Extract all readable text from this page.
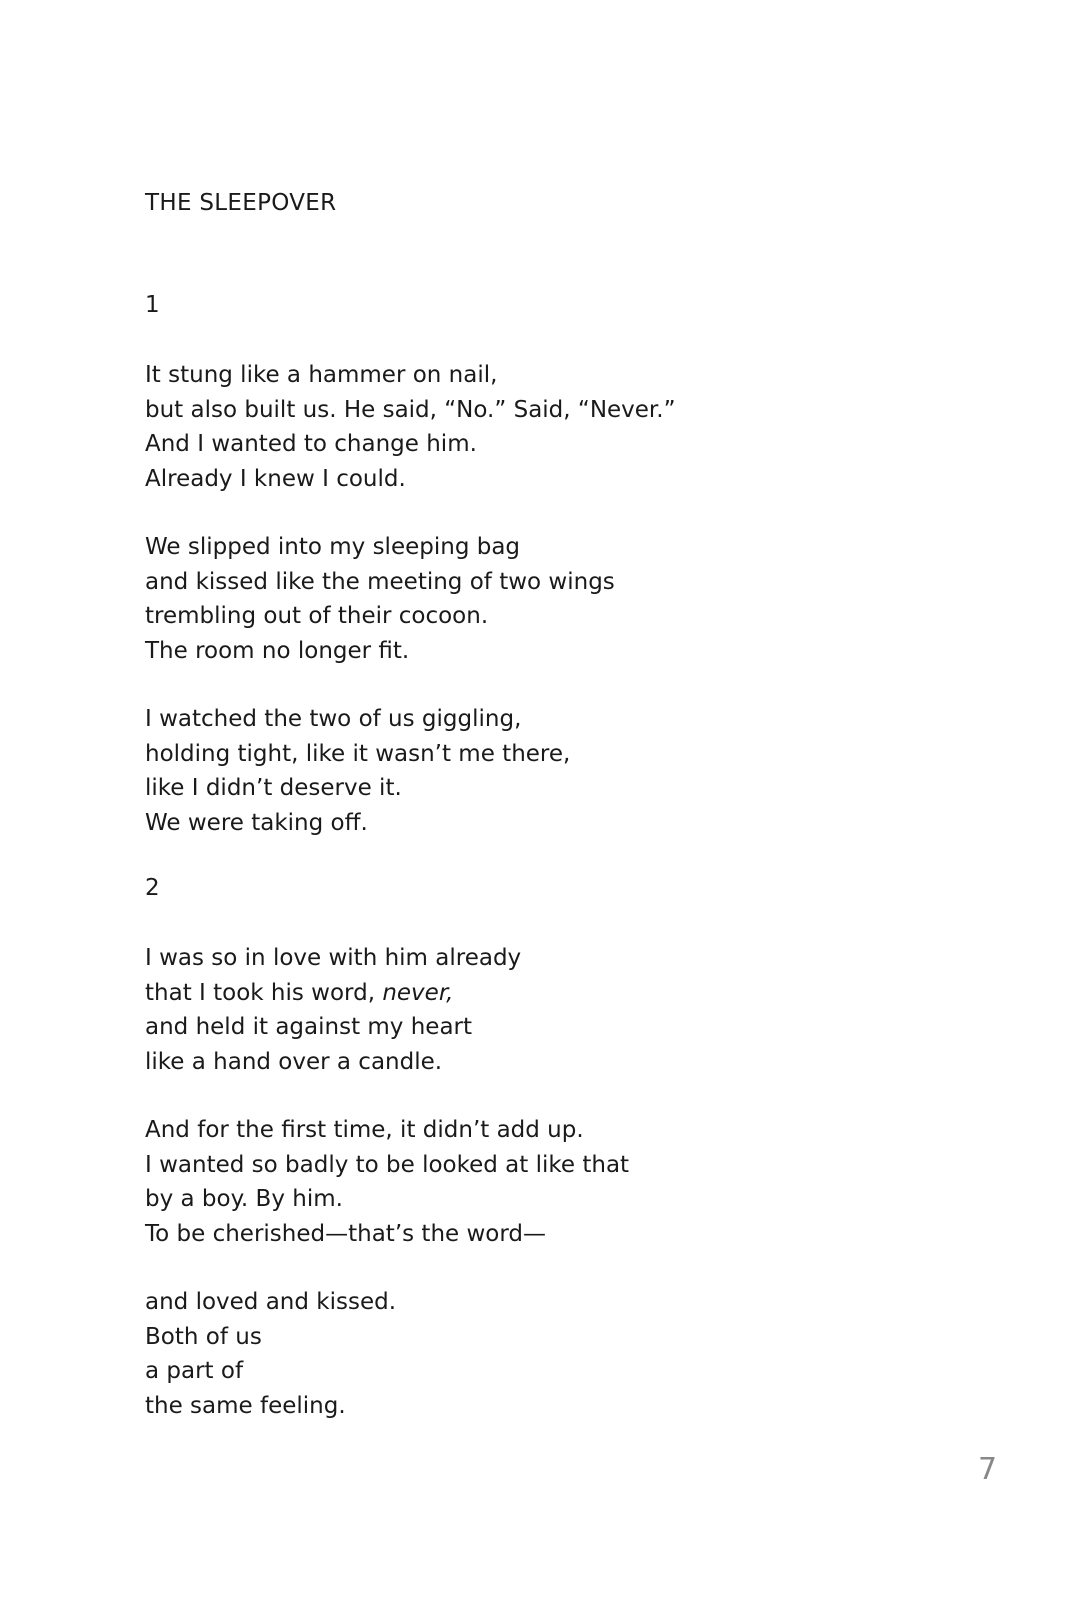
THE SLEEPOVER
1
It stung like a hammer on nail,
but also built us. He said, “No.” Said, “Never.”
And I wanted to change him.
Already I knew I could.
We slipped into my sleeping bag
and kissed like the meeting of two wings
trembling out of their cocoon.
The room no longer fit.
I watched the two of us giggling,
holding tight, like it wasn’t me there,
like I didn’t deserve it.
We were taking off.
2
I was so in love with him already
that I took his word, never,
and held it against my heart
like a hand over a candle.
And for the first time, it didn’t add up.
I wanted so badly to be looked at like that
by a boy. By him.
To be cherished—that’s the word—
and loved and kissed.
Both of us
a part of
the same feeling.
7
